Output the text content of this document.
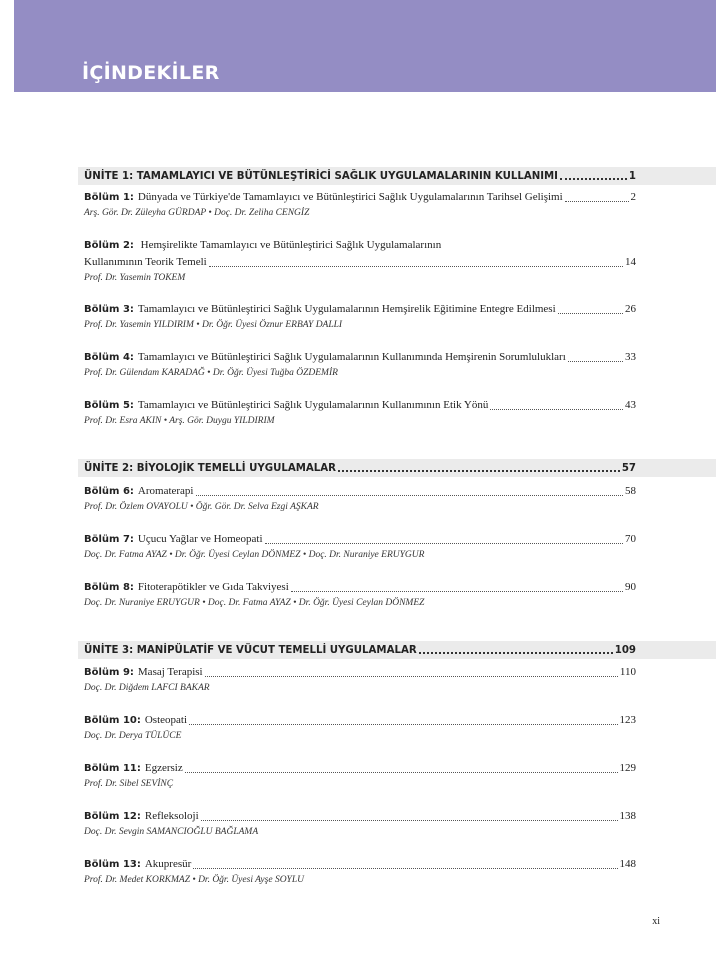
İÇİNDEKİLER
ÜNİTE 1: TAMAMLAYICI VE BÜTÜNLEŞTİRİCİ SAĞLIK UYGULAMALARININ KULLANIMI	1
Bölüm 1: Dünyada ve Türkiye'de Tamamlayıcı ve Bütünleştirici Sağlık Uygulamalarının Tarihsel Gelişimi	2
Arş. Gör. Dr. Züleyha GÜRDAP • Doç. Dr. Zeliha CENGİZ
Bölüm 2: Hemşirelikte Tamamlayıcı ve Bütünleştirici Sağlık Uygulamalarının
Kullanımının Teorik Temeli	14
Prof. Dr. Yasemin TOKEM
Bölüm 3: Tamamlayıcı ve Bütünleştirici Sağlık Uygulamalarının Hemşirelik Eğitimine Entegre Edilmesi	26
Prof. Dr. Yasemin YILDIRIM • Dr. Öğr. Üyesi Öznur ERBAY DALLI
Bölüm 4: Tamamlayıcı ve Bütünleştirici Sağlık Uygulamalarının Kullanımında Hemşirenin Sorumlulukları	33
Prof. Dr. Gülendam KARADAĞ • Dr. Öğr. Üyesi Tuğba ÖZDEMİR
Bölüm 5: Tamamlayıcı ve Bütünleştirici Sağlık Uygulamalarının Kullanımının Etik Yönü	43
Prof. Dr. Esra AKIN • Arş. Gör. Duygu YILDIRIM
ÜNİTE 2: BİYOLOJİK TEMELLİ UYGULAMALAR	57
Bölüm 6: Aromaterapi	58
Prof. Dr. Özlem OVAYOLU • Öğr. Gör. Dr. Selva Ezgi AŞKAR
Bölüm 7: Uçucu Yağlar ve Homeopati	70
Doç. Dr. Fatma AYAZ • Dr. Öğr. Üyesi Ceylan DÖNMEZ • Doç. Dr. Nuraniye ERUYGUR
Bölüm 8: Fitoterapötikler ve Gıda Takviyesi	90
Doç. Dr. Nuraniye ERUYGUR • Doç. Dr. Fatma AYAZ • Dr. Öğr. Üyesi Ceylan DÖNMEZ
ÜNİTE 3: MANİPÜLATİF VE VÜCUT TEMELLİ UYGULAMALAR	109
Bölüm 9: Masaj Terapisi	110
Doç. Dr. Diğdem LAFCI BAKAR
Bölüm 10: Osteopati	123
Doç. Dr. Derya TÜLÜCE
Bölüm 11: Egzersiz	129
Prof. Dr. Sibel SEVİNÇ
Bölüm 12: Refleksoloji	138
Doç. Dr. Sevgin SAMANCIOĞLU BAĞLAMA
Bölüm 13: Akupresür	148
Prof. Dr. Medet KORKMAZ • Dr. Öğr. Üyesi Ayşe SOYLU
xi
